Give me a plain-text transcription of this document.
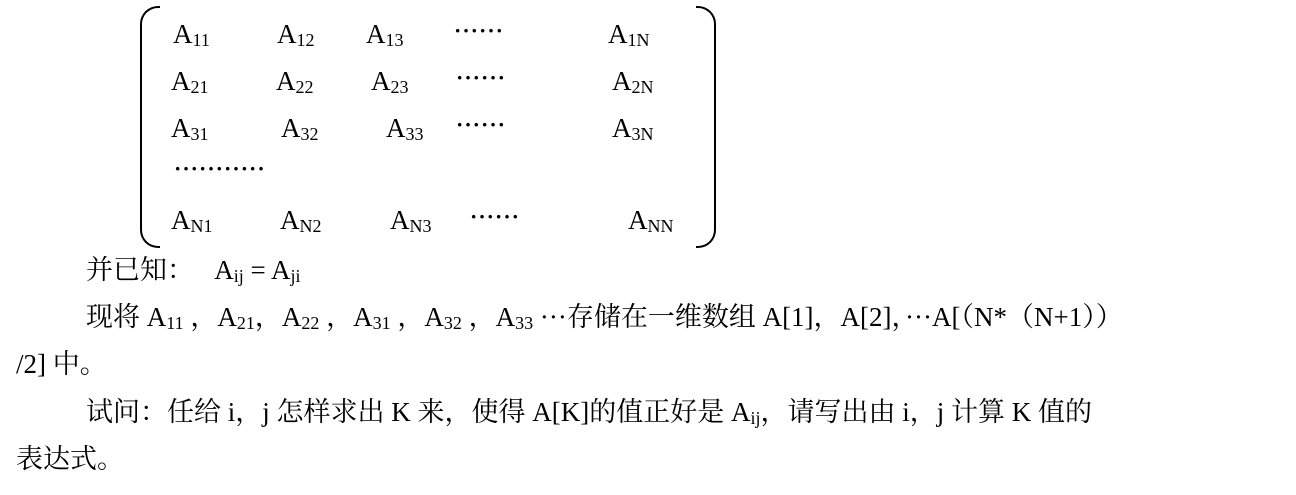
$A_{11}$ $A_{12}$ $A_{13}$ ······	$A_{1N}$
$A_{21}$	$A_{22}$ $A_{23}$ ······	$A_{2N}$
$A_{31}$	$A_{32}$	$A_{33}$ ······	$A_{3N}$
···········
$A_{N1}$	$A_{N2}$	$A_{N3}$ ······	$A_{NN}$
并已知： $A_{ij} = A_{ji}$
现将 $A_{11}$ ，$A_{21}$，$A_{22}$ ，$A_{31}$ ，$A_{32}$ ，$A_{33}$ ···存储在一维数组 A[1]，A[2]，···A[（N*（N+1））
/2] 中。
试问：任给 i，j 怎样求出 K 来，使得 A[K]的值正好是 $A_{ij}$，请写出由 i，j 计算 K 值的
表达式。
